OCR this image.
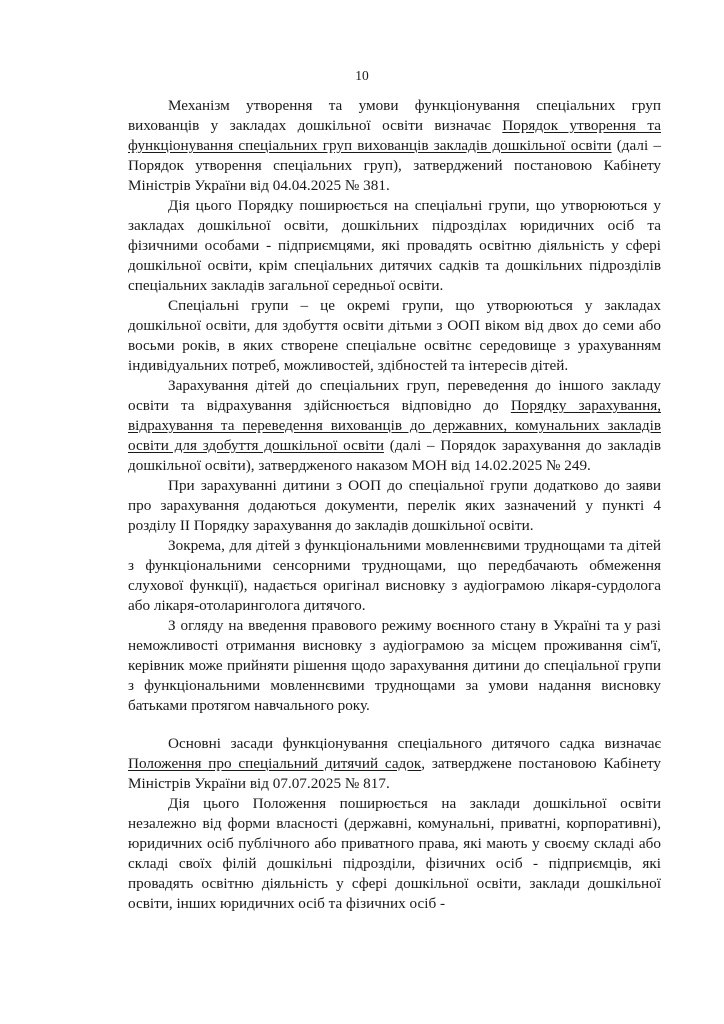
10

Механізм утворення та умови функціонування спеціальних груп вихованців у закладах дошкільної освіти визначає Порядок утворення та функціонування спеціальних груп вихованців закладів дошкільної освіти (далі – Порядок утворення спеціальних груп), затверджений постановою Кабінету Міністрів України від 04.04.2025 № 381.

Дія цього Порядку поширюється на спеціальні групи, що утворюються у закладах дошкільної освіти, дошкільних підрозділах юридичних осіб та фізичними особами - підприємцями, які провадять освітню діяльність у сфері дошкільної освіти, крім спеціальних дитячих садків та дошкільних підрозділів спеціальних закладів загальної середньої освіти.

Спеціальні групи – це окремі групи, що утворюються у закладах дошкільної освіти, для здобуття освіти дітьми з ООП віком від двох до семи або восьми років, в яких створене спеціальне освітнє середовище з урахуванням індивідуальних потреб, можливостей, здібностей та інтересів дітей.

Зарахування дітей до спеціальних груп, переведення до іншого закладу освіти та відрахування здійснюється відповідно до Порядку зарахування, відрахування та переведення вихованців до державних, комунальних закладів освіти для здобуття дошкільної освіти (далі – Порядок зарахування до закладів дошкільної освіти), затвердженого наказом МОН від 14.02.2025 № 249.

При зарахуванні дитини з ООП до спеціальної групи додатково до заяви про зарахування додаються документи, перелік яких зазначений у пункті 4 розділу II Порядку зарахування до закладів дошкільної освіти.

Зокрема, для дітей з функціональними мовленнєвими труднощами та дітей з функціональними сенсорними труднощами, що передбачають обмеження слухової функції), надається оригінал висновку з аудіограмою лікаря-сурдолога або лікаря-отоларинголога дитячого.

З огляду на введення правового режиму воєнного стану в Україні та у разі неможливості отримання висновку з аудіограмою за місцем проживання сім'ї, керівник може прийняти рішення щодо зарахування дитини до спеціальної групи з функціональними мовленнєвими труднощами за умови надання висновку батьками протягом навчального року.

Основні засади функціонування спеціального дитячого садка визначає Положення про спеціальний дитячий садок, затверджене постановою Кабінету Міністрів України від 07.07.2025 № 817.

Дія цього Положення поширюється на заклади дошкільної освіти незалежно від форми власності (державні, комунальні, приватні, корпоративні), юридичних осіб публічного або приватного права, які мають у своєму складі або складі своїх філій дошкільні підрозділи, фізичних осіб - підприємців, які провадять освітню діяльність у сфері дошкільної освіти, заклади дошкільної освіти, інших юридичних осіб та фізичних осіб -
